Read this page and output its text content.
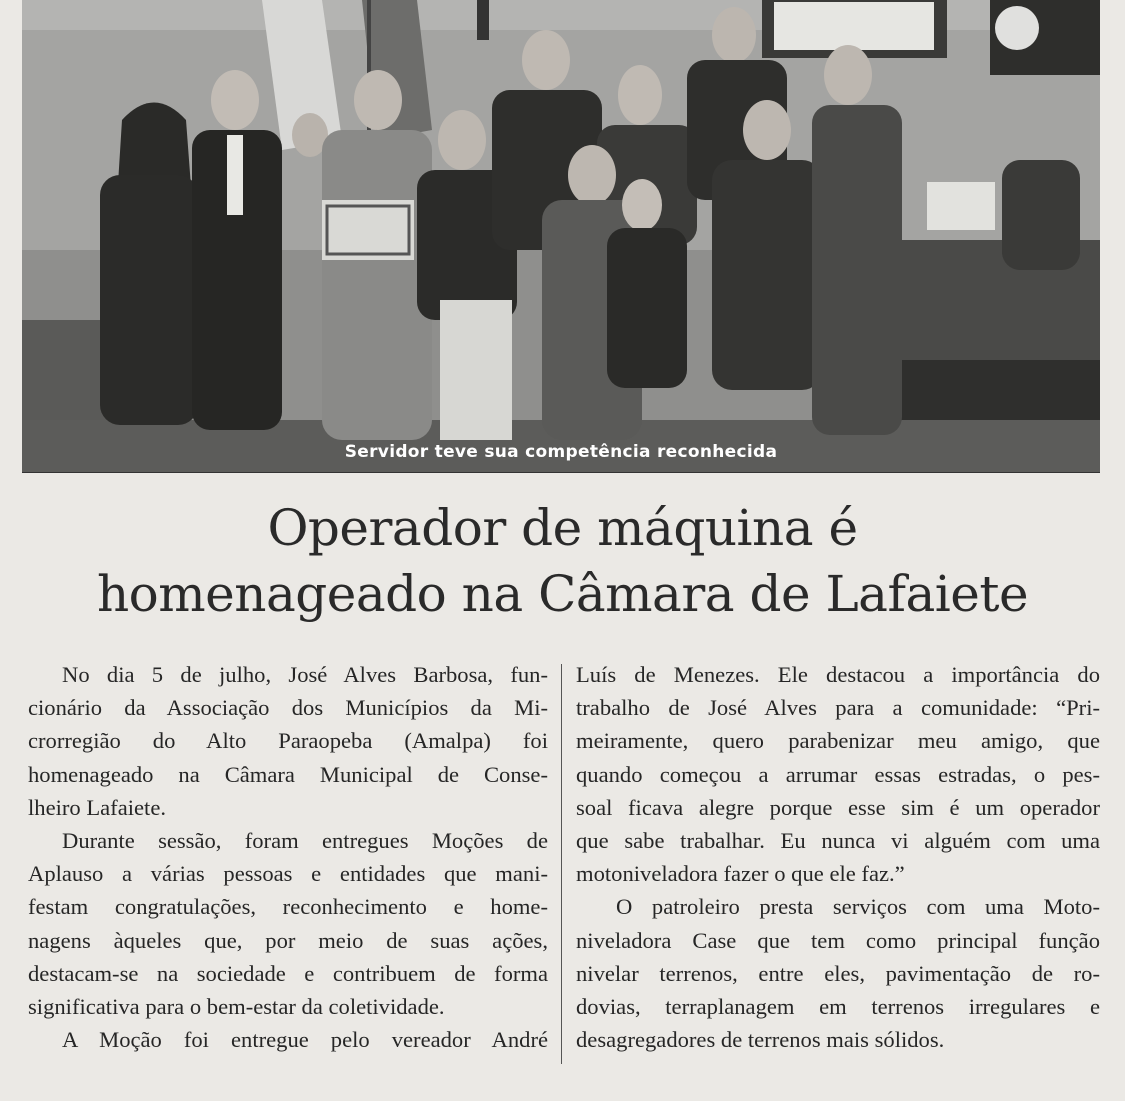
Servidor teve sua competência reconhecida
Operador de máquina é
homenageado na Câmara de Lafaiete
No dia 5 de julho, José Alves Barbosa, fun-
cionário da Associação dos Municípios da Mi-
crorregião do Alto Paraopeba (Amalpa) foi
homenageado na Câmara Municipal de Conse-
lheiro Lafaiete.
Durante sessão, foram entregues Moções de
Aplauso a várias pessoas e entidades que mani-
festam congratulações, reconhecimento e home-
nagens àqueles que, por meio de suas ações,
destacam-se na sociedade e contribuem de forma
significativa para o bem-estar da coletividade.
A Moção foi entregue pelo vereador André
Luís de Menezes. Ele destacou a importância do
trabalho de José Alves para a comunidade: “Pri-
meiramente, quero parabenizar meu amigo, que
quando começou a arrumar essas estradas, o pes-
soal ficava alegre porque esse sim é um operador
que sabe trabalhar. Eu nunca vi alguém com uma
motoniveladora fazer o que ele faz.”
O patroleiro presta serviços com uma Moto-
niveladora Case que tem como principal função
nivelar terrenos, entre eles, pavimentação de ro-
dovias, terraplanagem em terrenos irregulares e
desagregadores de terrenos mais sólidos.
